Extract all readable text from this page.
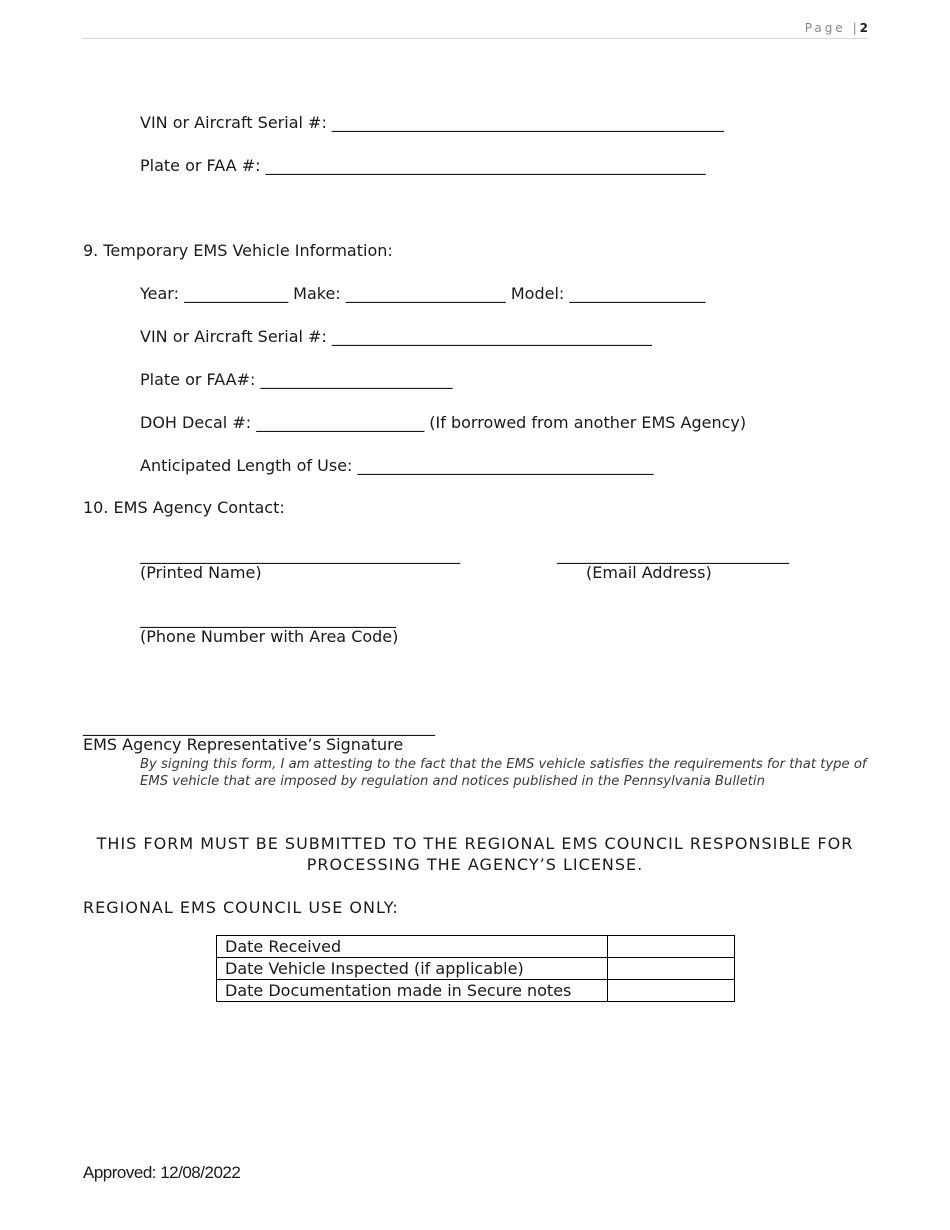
Page |2
VIN or Aircraft Serial #: _________________________________________________
Plate or FAA #: _______________________________________________________
9. Temporary EMS Vehicle Information:
Year: _____________ Make: ____________________ Model: _________________
VIN or Aircraft Serial #: ________________________________________
Plate or FAA#: ________________________
DOH Decal #: _____________________ (If borrowed from another EMS Agency)
Anticipated Length of Use: _____________________________________
10. EMS Agency Contact:
________________________________________	_____________________________
(Printed Name)	(Email Address)
________________________________
(Phone Number with Area Code)
____________________________________________
EMS Agency Representative’s Signature
By signing this form, I am attesting to the fact that the EMS vehicle satisfies the requirements for that type of EMS vehicle that are imposed by regulation and notices published in the Pennsylvania Bulletin
THIS FORM MUST BE SUBMITTED TO THE REGIONAL EMS COUNCIL RESPONSIBLE FOR PROCESSING THE AGENCY’S LICENSE.
REGIONAL EMS COUNCIL USE ONLY:
Date Received	
Date Vehicle Inspected (if applicable)	
Date Documentation made in Secure notes	
Approved: 12/08/2022
